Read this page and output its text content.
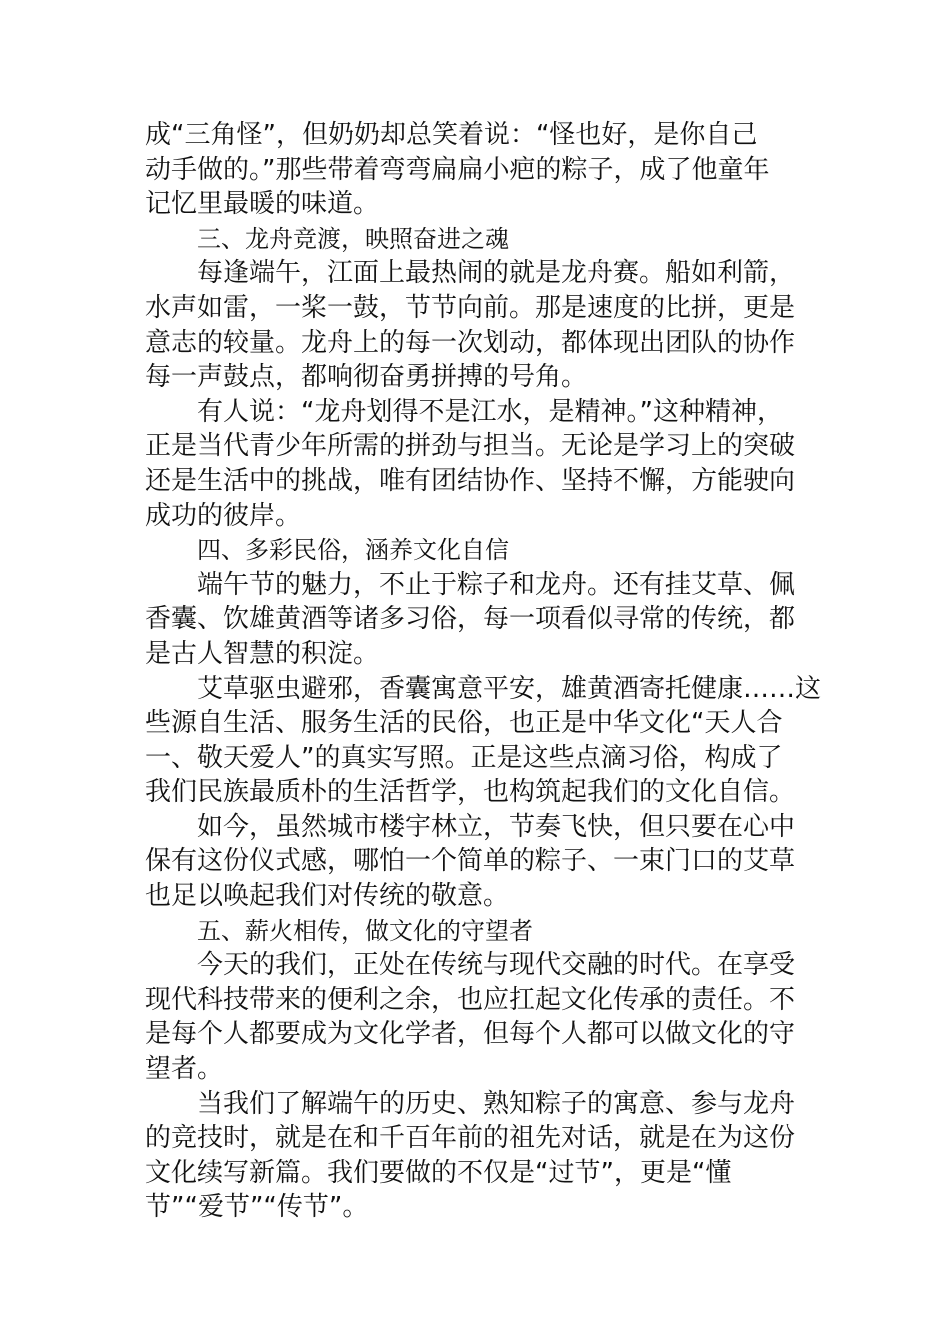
成“三角怪”，但奶奶却总笑着说：“怪也好，是你自己
动手做的。”那些带着弯弯扁扁小疤的粽子，成了他童年
记忆里最暖的味道。
三、龙舟竞渡，映照奋进之魂
每逢端午，江面上最热闹的就是龙舟赛。船如利箭，
水声如雷，一桨一鼓，节节向前。那是速度的比拼，更是
意志的较量。龙舟上的每一次划动，都体现出团队的协作
每一声鼓点，都响彻奋勇拼搏的号角。
有人说：“龙舟划得不是江水，是精神。”这种精神，
正是当代青少年所需的拼劲与担当。无论是学习上的突破
还是生活中的挑战，唯有团结协作、坚持不懈，方能驶向
成功的彼岸。
四、多彩民俗，涵养文化自信
端午节的魅力，不止于粽子和龙舟。还有挂艾草、佩
香囊、饮雄黄酒等诸多习俗，每一项看似寻常的传统，都
是古人智慧的积淀。
艾草驱虫避邪，香囊寓意平安，雄黄酒寄托健康……这
些源自生活、服务生活的民俗，也正是中华文化“天人合
一、敬天爱人”的真实写照。正是这些点滴习俗，构成了
我们民族最质朴的生活哲学，也构筑起我们的文化自信。
如今，虽然城市楼宇林立，节奏飞快，但只要在心中
保有这份仪式感，哪怕一个简单的粽子、一束门口的艾草
也足以唤起我们对传统的敬意。
五、薪火相传，做文化的守望者
今天的我们，正处在传统与现代交融的时代。在享受
现代科技带来的便利之余，也应扛起文化传承的责任。不
是每个人都要成为文化学者，但每个人都可以做文化的守
望者。
当我们了解端午的历史、熟知粽子的寓意、参与龙舟
的竞技时，就是在和千百年前的祖先对话，就是在为这份
文化续写新篇。我们要做的不仅是“过节”，更是“懂
节”“爱节”“传节”。
